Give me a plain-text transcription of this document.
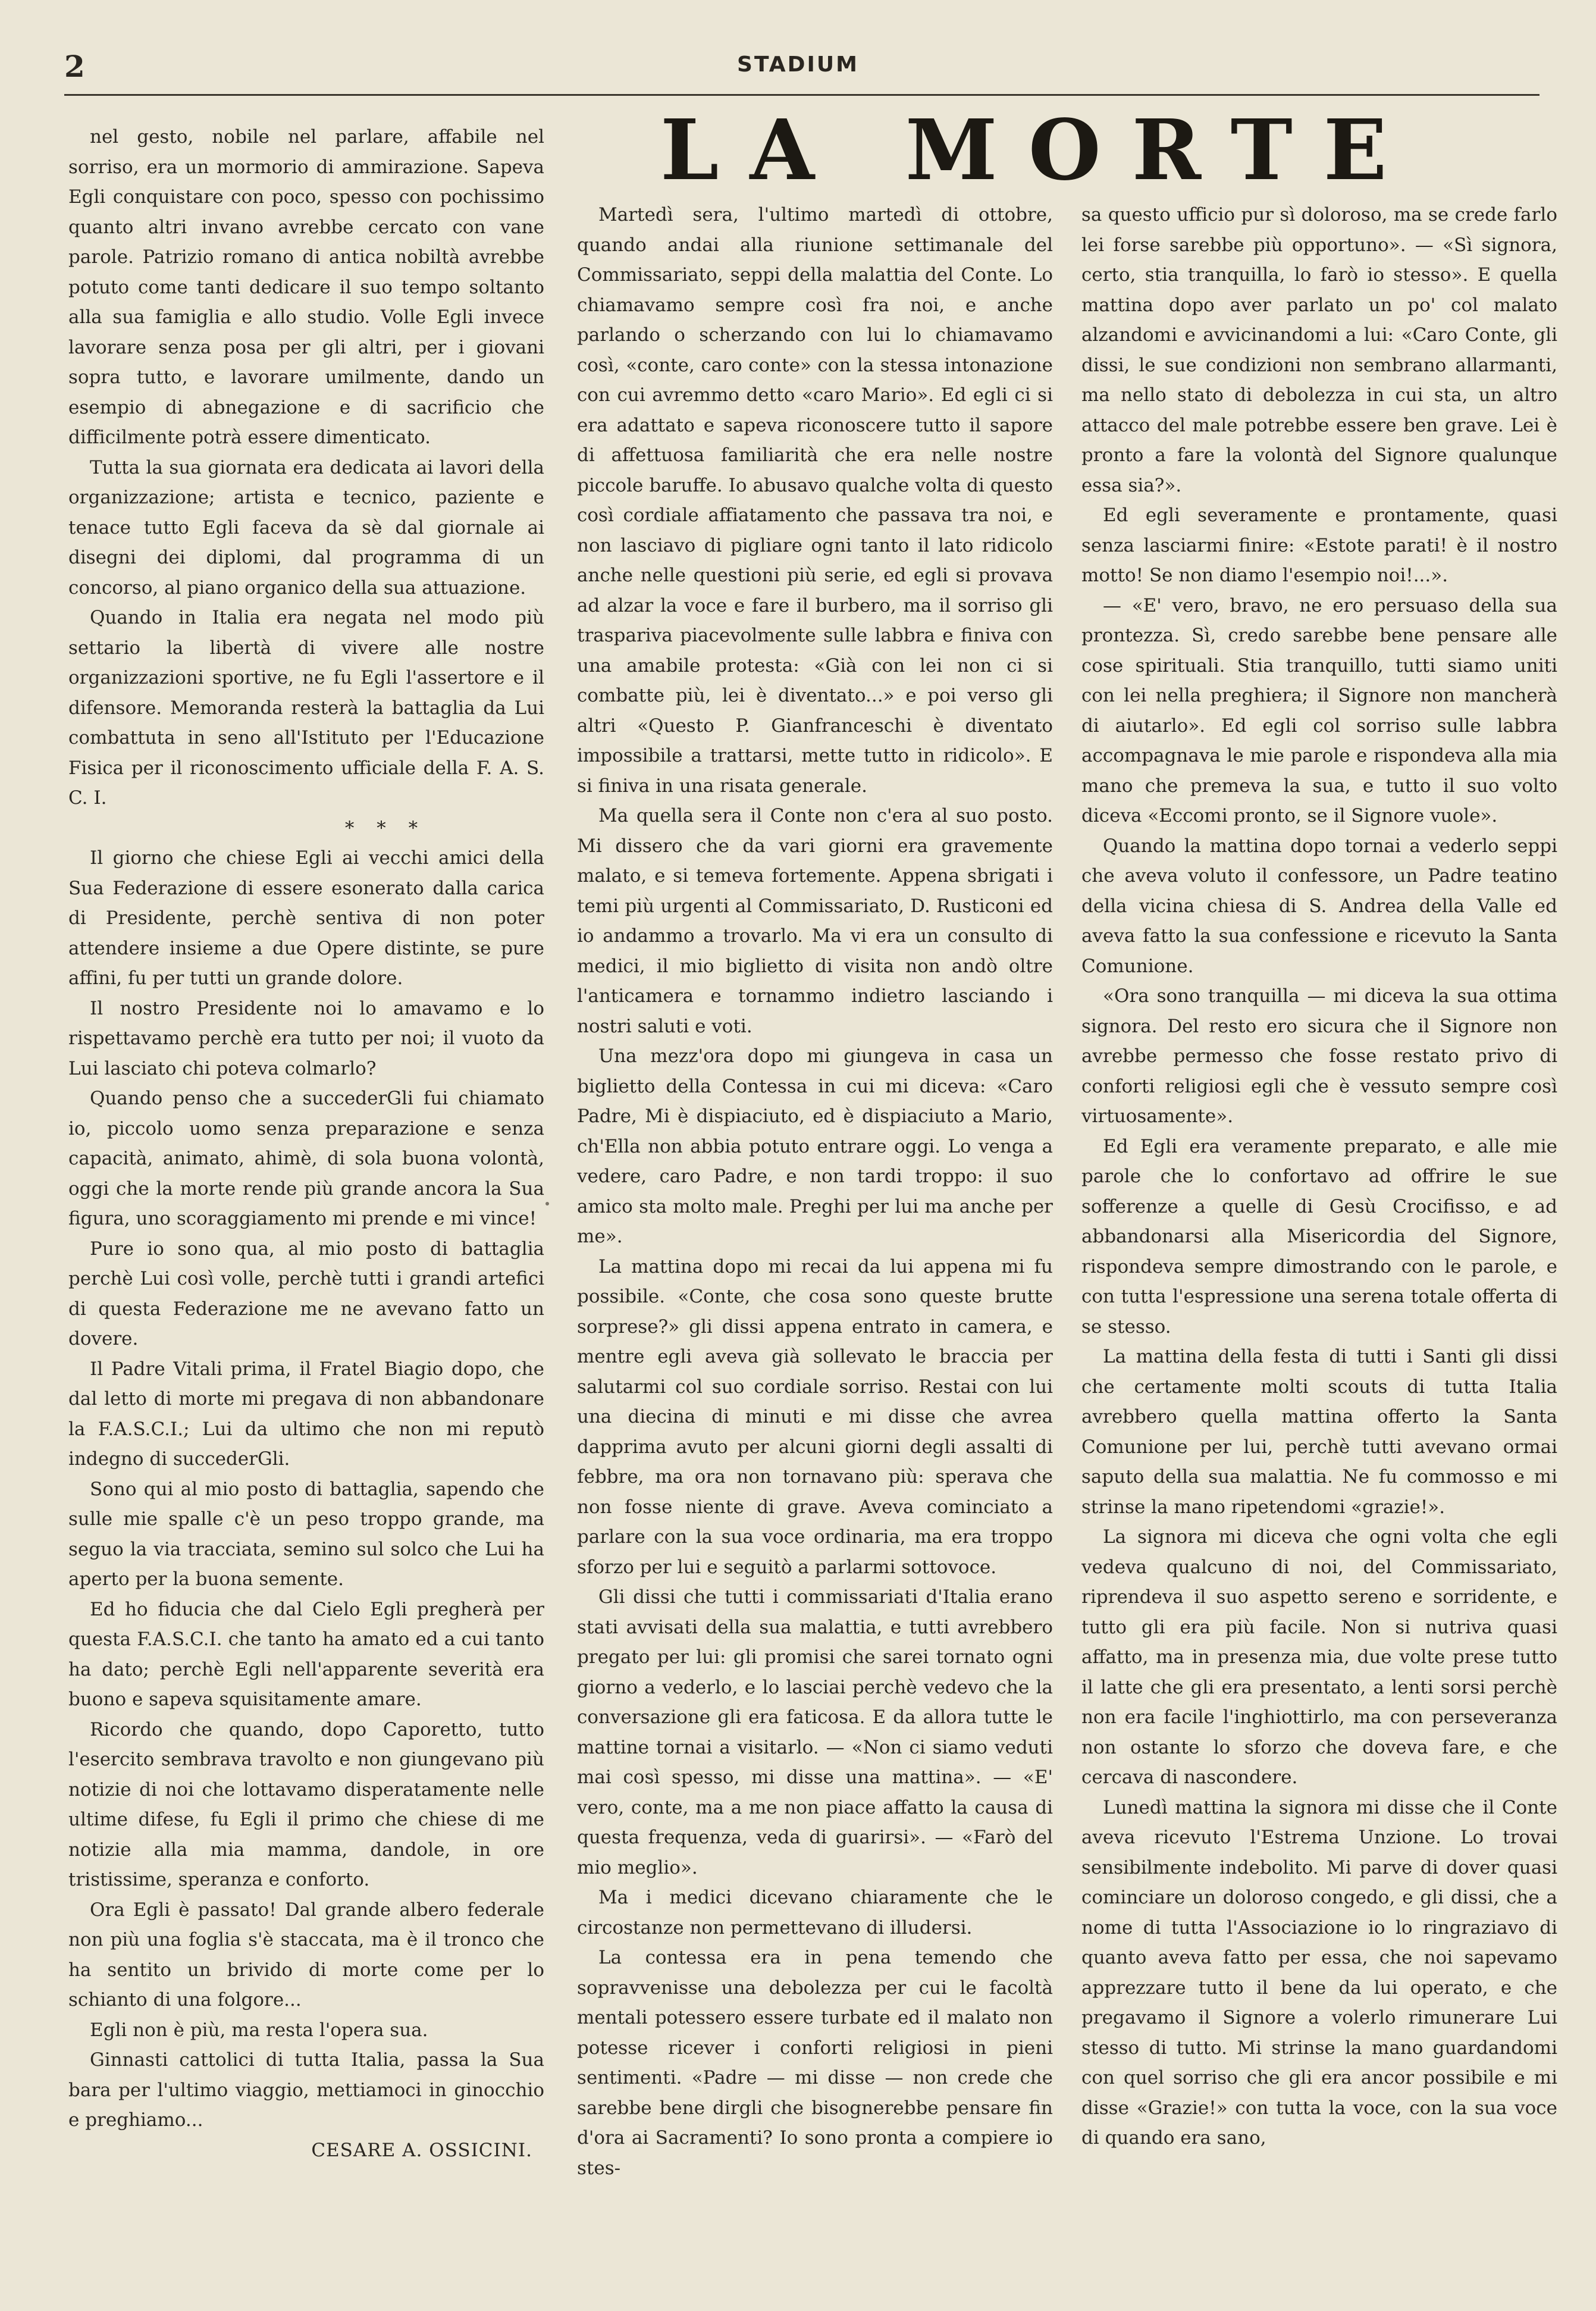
2	STADIUM

nel gesto, nobile nel parlare, affabile nel sorriso, era un mormorio di ammirazione. Sapeva Egli conquistare con poco, spesso con pochissimo quanto altri invano avrebbe cercato con vane parole. Patrizio romano di antica nobiltà avrebbe potuto come tanti dedicare il suo tempo soltanto alla sua famiglia e allo studio. Volle Egli invece lavorare senza posa per gli altri, per i giovani sopra tutto, e lavorare umilmente, dando un esempio di abnegazione e di sacrificio che difficilmente potrà essere dimenticato.

Tutta la sua giornata era dedicata ai lavori della organizzazione; artista e tecnico, paziente e tenace tutto Egli faceva da sè dal giornale ai disegni dei diplomi, dal programma di un concorso, al piano organico della sua attuazione.

Quando in Italia era negata nel modo più settario la libertà di vivere alle nostre organizzazioni sportive, ne fu Egli l'assertore e il difensore. Memoranda resterà la battaglia da Lui combattuta in seno all'Istituto per l'Educazione Fisica per il riconoscimento ufficiale della F. A. S. C. I.

* * *

Il giorno che chiese Egli ai vecchi amici della Sua Federazione di essere esonerato dalla carica di Presidente, perchè sentiva di non poter attendere insieme a due Opere distinte, se pure affini, fu per tutti un grande dolore.

Il nostro Presidente noi lo amavamo e lo rispettavamo perchè era tutto per noi; il vuoto da Lui lasciato chi poteva colmarlo?

Quando penso che a succederGli fui chiamato io, piccolo uomo senza preparazione e senza capacità, animato, ahimè, di sola buona volontà, oggi che la morte rende più grande ancora la Sua figura, uno scoraggiamento mi prende e mi vince!

Pure io sono qua, al mio posto di battaglia perchè Lui così volle, perchè tutti i grandi artefici di questa Federazione me ne avevano fatto un dovere.

Il Padre Vitali prima, il Fratel Biagio dopo, che dal letto di morte mi pregava di non abbandonare la F.A.S.C.I.; Lui da ultimo che non mi reputò indegno di succederGli.

Sono qui al mio posto di battaglia, sapendo che sulle mie spalle c'è un peso troppo grande, ma seguo la via tracciata, semino sul solco che Lui ha aperto per la buona semente.

Ed ho fiducia che dal Cielo Egli pregherà per questa F.A.S.C.I. che tanto ha amato ed a cui tanto ha dato; perchè Egli nell'apparente severità era buono e sapeva squisitamente amare.

Ricordo che quando, dopo Caporetto, tutto l'esercito sembrava travolto e non giungevano più notizie di noi che lottavamo disperatamente nelle ultime difese, fu Egli il primo che chiese di me notizie alla mia mamma, dandole, in ore tristissime, speranza e conforto.

Ora Egli è passato! Dal grande albero federale non più una foglia s'è staccata, ma è il tronco che ha sentito un brivido di morte come per lo schianto di una folgore...

Egli non è più, ma resta l'opera sua.

Ginnasti cattolici di tutta Italia, passa la Sua bara per l'ultimo viaggio, mettiamoci in ginocchio e preghiamo...

CESARE A. OSSICINI.

LA MORTE

Martedì sera, l'ultimo martedì di ottobre, quando andai alla riunione settimanale del Commissariato, seppi della malattia del Conte. Lo chiamavamo sempre così fra noi, e anche parlando o scherzando con lui lo chiamavamo così, «conte, caro conte» con la stessa intonazione con cui avremmo detto «caro Mario». Ed egli ci si era adattato e sapeva riconoscere tutto il sapore di affettuosa familiarità che era nelle nostre piccole baruffe. Io abusavo qualche volta di questo così cordiale affiatamento che passava tra noi, e non lasciavo di pigliare ogni tanto il lato ridicolo anche nelle questioni più serie, ed egli si provava ad alzar la voce e fare il burbero, ma il sorriso gli traspariva piacevolmente sulle labbra e finiva con una amabile protesta: «Già con lei non ci si combatte più, lei è diventato...» e poi verso gli altri «Questo P. Gianfranceschi è diventato impossibile a trattarsi, mette tutto in ridicolo». E si finiva in una risata generale.

Ma quella sera il Conte non c'era al suo posto. Mi dissero che da vari giorni era gravemente malato, e si temeva fortemente. Appena sbrigati i temi più urgenti al Commissariato, D. Rusticoni ed io andammo a trovarlo. Ma vi era un consulto di medici, il mio biglietto di visita non andò oltre l'anticamera e tornammo indietro lasciando i nostri saluti e voti.

Una mezz'ora dopo mi giungeva in casa un biglietto della Contessa in cui mi diceva: «Caro Padre, Mi è dispiaciuto, ed è dispiaciuto a Mario, ch'Ella non abbia potuto entrare oggi. Lo venga a vedere, caro Padre, e non tardi troppo: il suo amico sta molto male. Preghi per lui ma anche per me».

La mattina dopo mi recai da lui appena mi fu possibile. «Conte, che cosa sono queste brutte sorprese?» gli dissi appena entrato in camera, e mentre egli aveva già sollevato le braccia per salutarmi col suo cordiale sorriso. Restai con lui una diecina di minuti e mi disse che avrea dapprima avuto per alcuni giorni degli assalti di febbre, ma ora non tornavano più: sperava che non fosse niente di grave. Aveva cominciato a parlare con la sua voce ordinaria, ma era troppo sforzo per lui e seguitò a parlarmi sottovoce.

Gli dissi che tutti i commissariati d'Italia erano stati avvisati della sua malattia, e tutti avrebbero pregato per lui: gli promisi che sarei tornato ogni giorno a vederlo, e lo lasciai perchè vedevo che la conversazione gli era faticosa. E da allora tutte le mattine tornai a visitarlo. — «Non ci siamo veduti mai così spesso, mi disse una mattina». — «E' vero, conte, ma a me non piace affatto la causa di questa frequenza, veda di guarirsi». — «Farò del mio meglio».

Ma i medici dicevano chiaramente che le circostanze non permettevano di illudersi.

La contessa era in pena temendo che sopravvenisse una debolezza per cui le facoltà mentali potessero essere turbate ed il malato non potesse ricever i conforti religiosi in pieni sentimenti. «Padre — mi disse — non crede che sarebbe bene dirgli che bisognerebbe pensare fin d'ora ai Sacramenti? Io sono pronta a compiere io stes-

sa questo ufficio pur sì doloroso, ma se crede farlo lei forse sarebbe più opportuno». — «Sì signora, certo, stia tranquilla, lo farò io stesso». E quella mattina dopo aver parlato un po' col malato alzandomi e avvicinandomi a lui: «Caro Conte, gli dissi, le sue condizioni non sembrano allarmanti, ma nello stato di debolezza in cui sta, un altro attacco del male potrebbe essere ben grave. Lei è pronto a fare la volontà del Signore qualunque essa sia?».

Ed egli severamente e prontamente, quasi senza lasciarmi finire: «Estote parati! è il nostro motto! Se non diamo l'esempio noi!...».

— «E' vero, bravo, ne ero persuaso della sua prontezza. Sì, credo sarebbe bene pensare alle cose spirituali. Stia tranquillo, tutti siamo uniti con lei nella preghiera; il Signore non mancherà di aiutarlo». Ed egli col sorriso sulle labbra accompagnava le mie parole e rispondeva alla mia mano che premeva la sua, e tutto il suo volto diceva «Eccomi pronto, se il Signore vuole».

Quando la mattina dopo tornai a vederlo seppi che aveva voluto il confessore, un Padre teatino della vicina chiesa di S. Andrea della Valle ed aveva fatto la sua confessione e ricevuto la Santa Comunione.

«Ora sono tranquilla — mi diceva la sua ottima signora. Del resto ero sicura che il Signore non avrebbe permesso che fosse restato privo di conforti religiosi egli che è vessuto sempre così virtuosamente».

Ed Egli era veramente preparato, e alle mie parole che lo confortavo ad offrire le sue sofferenze a quelle di Gesù Crocifisso, e ad abbandonarsi alla Misericordia del Signore, rispondeva sempre dimostrando con le parole, e con tutta l'espressione una serena totale offerta di se stesso.

La mattina della festa di tutti i Santi gli dissi che certamente molti scouts di tutta Italia avrebbero quella mattina offerto la Santa Comunione per lui, perchè tutti avevano ormai saputo della sua malattia. Ne fu commosso e mi strinse la mano ripetendomi «grazie!».

La signora mi diceva che ogni volta che egli vedeva qualcuno di noi, del Commissariato, riprendeva il suo aspetto sereno e sorridente, e tutto gli era più facile. Non si nutriva quasi affatto, ma in presenza mia, due volte prese tutto il latte che gli era presentato, a lenti sorsi perchè non era facile l'inghiottirlo, ma con perseveranza non ostante lo sforzo che doveva fare, e che cercava di nascondere.

Lunedì mattina la signora mi disse che il Conte aveva ricevuto l'Estrema Unzione. Lo trovai sensibilmente indebolito. Mi parve di dover quasi cominciare un doloroso congedo, e gli dissi, che a nome di tutta l'Associazione io lo ringraziavo di quanto aveva fatto per essa, che noi sapevamo apprezzare tutto il bene da lui operato, e che pregavamo il Signore a volerlo rimunerare Lui stesso di tutto. Mi strinse la mano guardandomi con quel sorriso che gli era ancor possibile e mi disse «Grazie!» con tutta la voce, con la sua voce di quando era sano,
